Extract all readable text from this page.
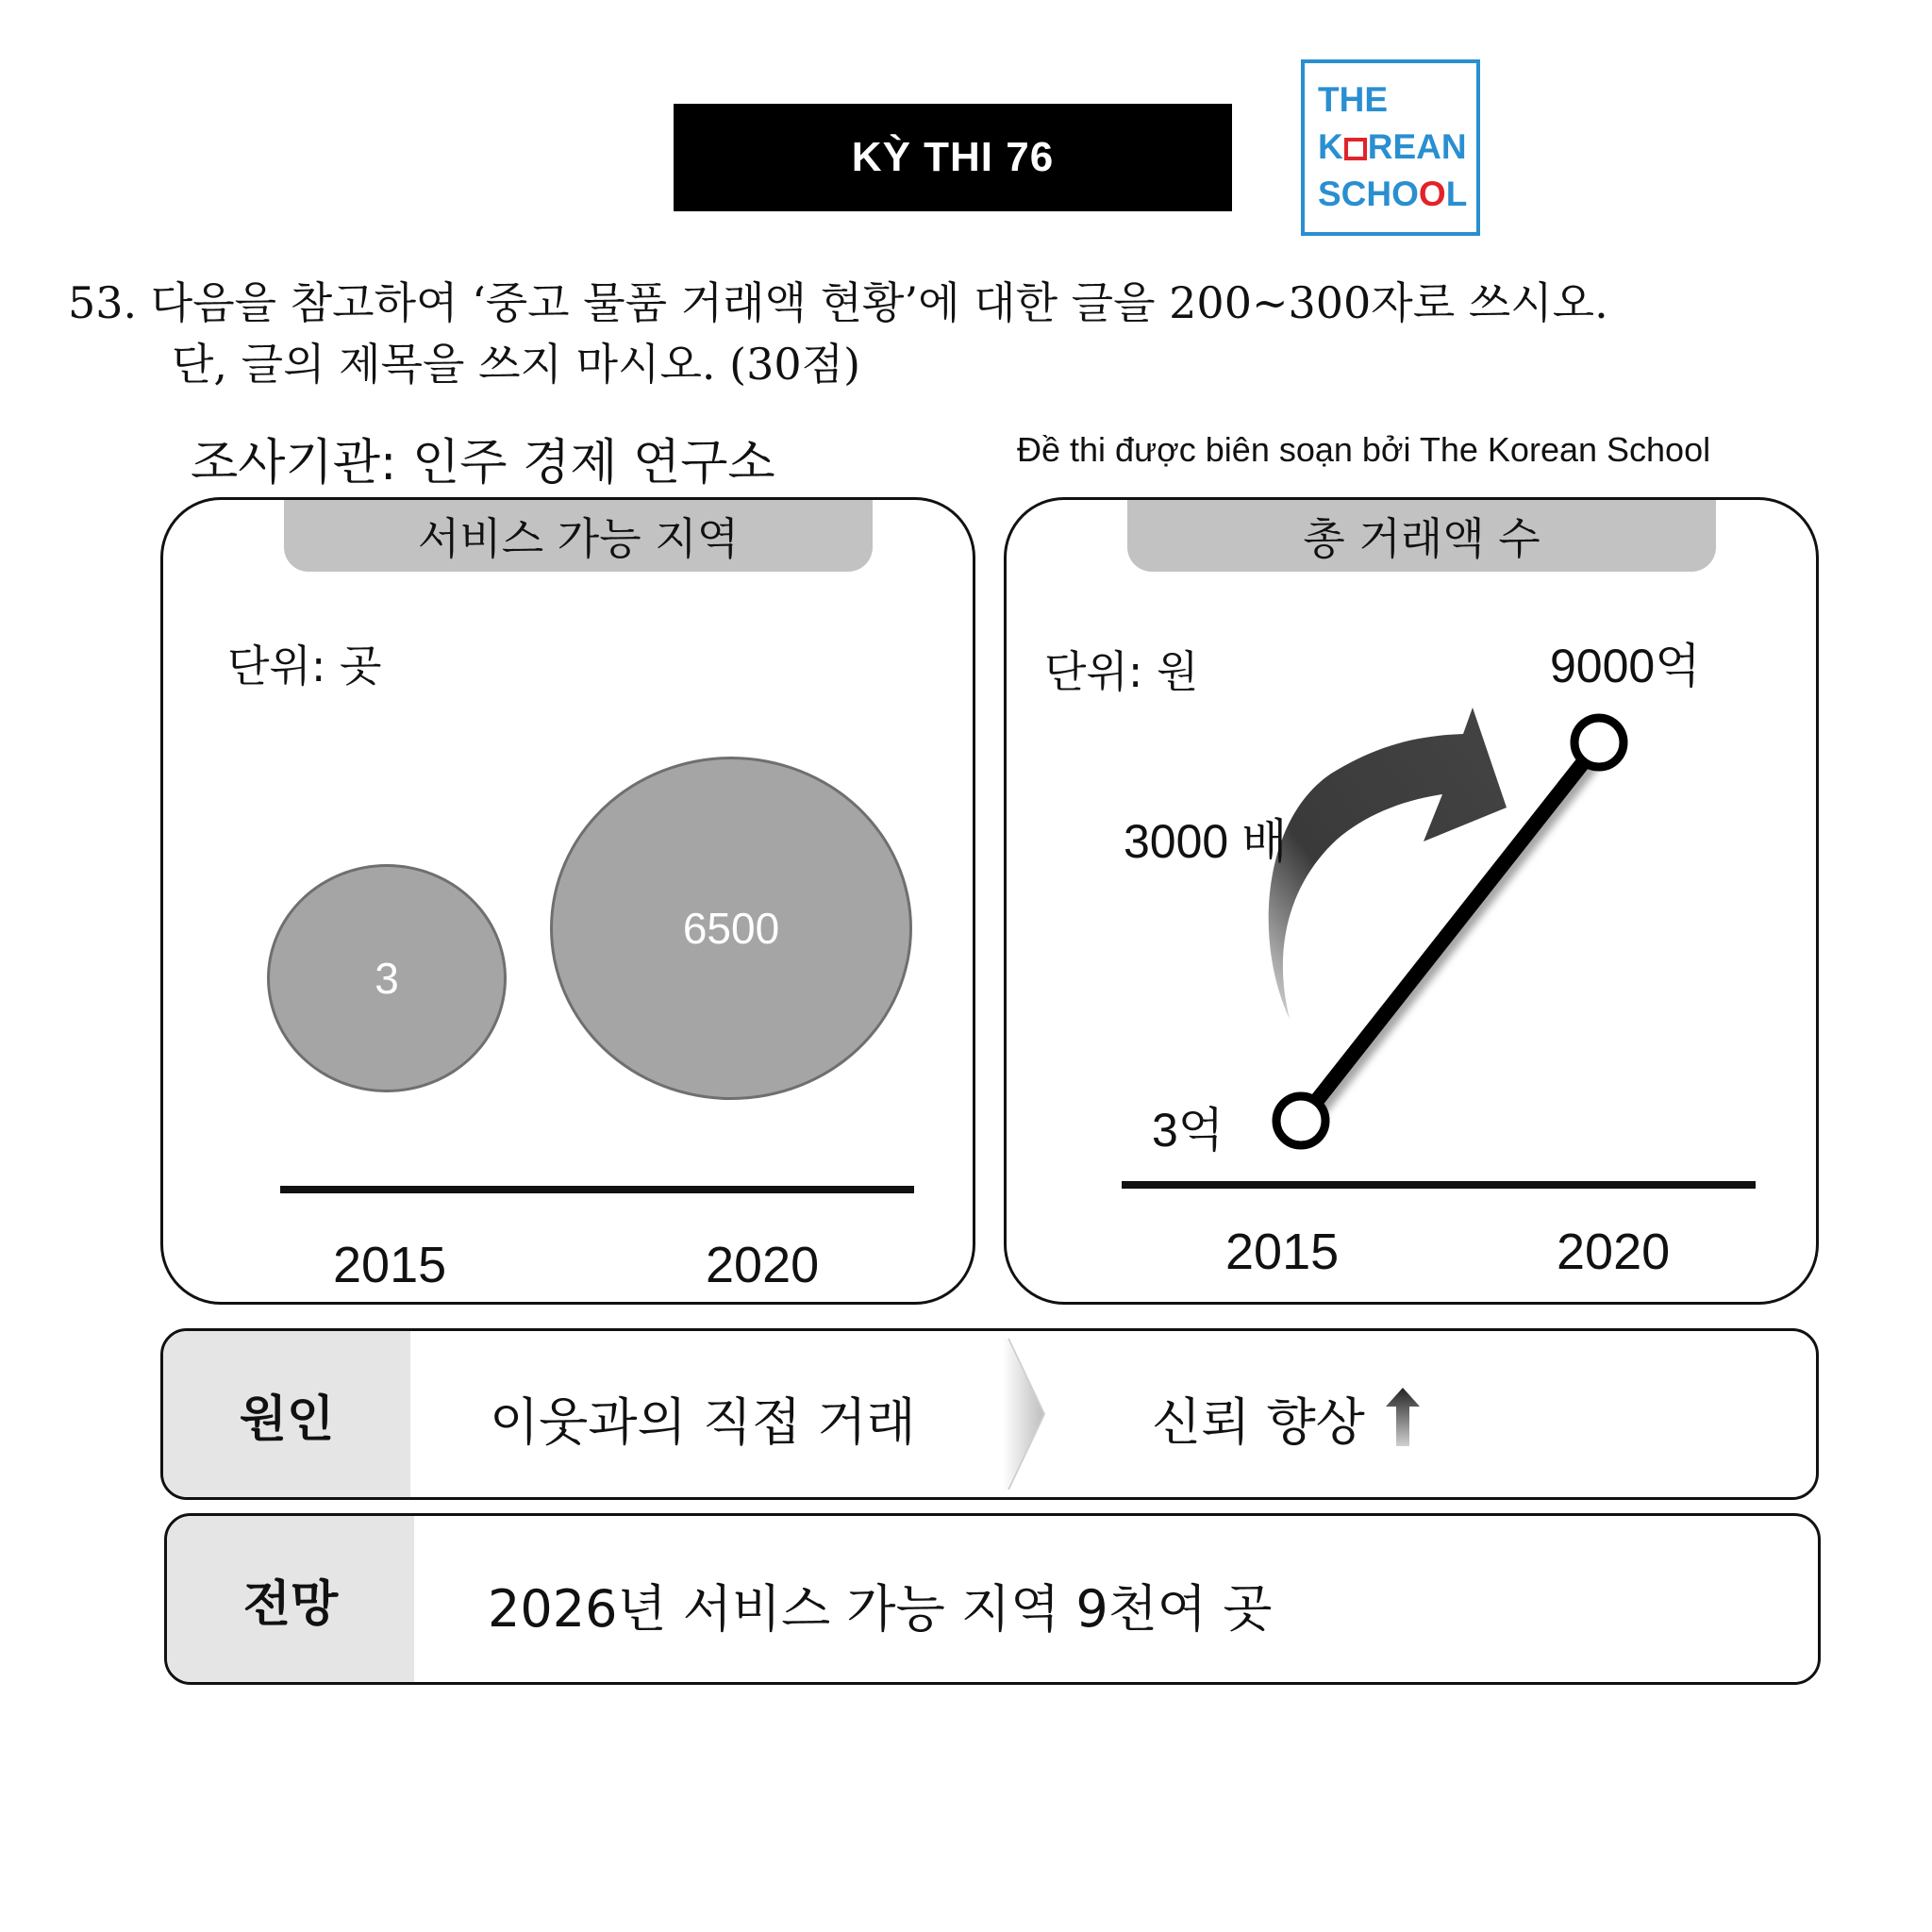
KỲ THI 76
THE
K REAN
SCHOOL
53. 다음을 참고하여 ‘중고 물품 거래액 현황’에 대한 글을 200~300자로 쓰시오.
단, 글의 제목을 쓰지 마시오. (30점)
조사기관: 인주 경제 연구소	Đề thi được biên soạn bởi The Korean School
서비스 가능 지역
단위: 곳
3
6500
2015	2020
총 거래액 수
단위: 원	9000억
3000 배
3억
2015	2020
원인	이웃과의 직접 거래	신뢰 향상
전망	2026년 서비스 가능 지역 9천여 곳
